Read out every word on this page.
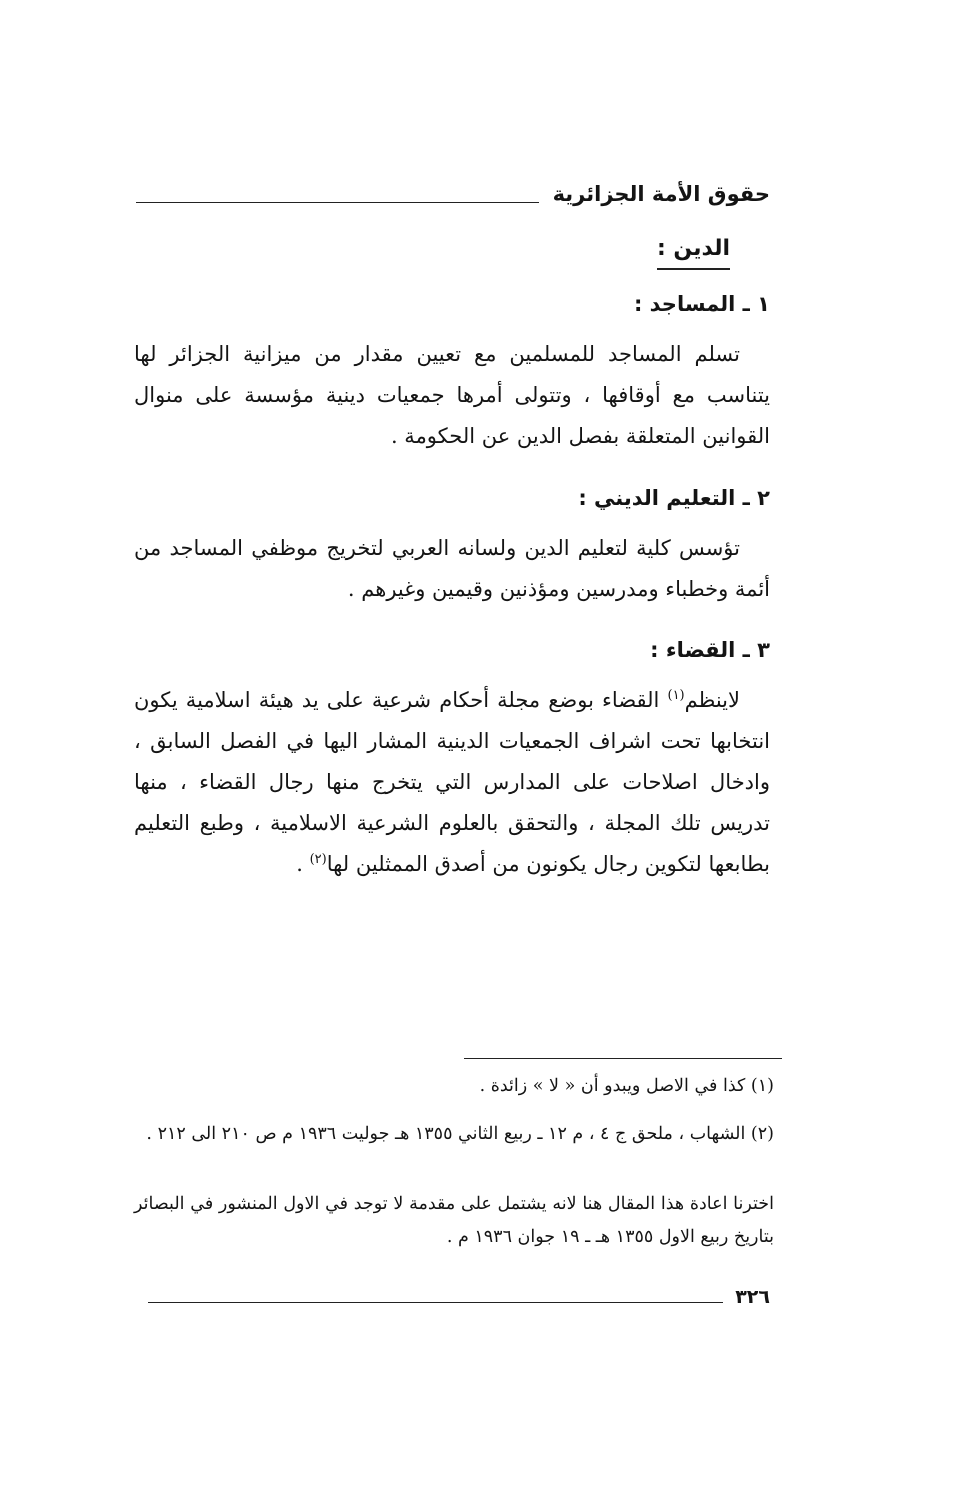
حقوق الأمة الجزائرية
الدين :
١ ـ المساجد :

تسلم المساجد للمسلمين مع تعيين مقدار من ميزانية الجزائر لها يتناسب مع أوقافها ، وتتولى أمرها جمعيات دينية مؤسسة على منوال القوانين المتعلقة بفصل الدين عن الحكومة .

٢ ـ التعليم الديني :

تؤسس كلية لتعليم الدين ولسانه العربي لتخريج موظفي المساجد من أئمة وخطباء ومدرسين ومؤذنين وقيمين وغيرهم .

٣ ـ القضاء :

لاينظم$^{(١)}$ القضاء بوضع مجلة أحكام شرعية على يد هيئة اسلامية يكون انتخابها تحت اشراف الجمعيات الدينية المشار اليها في الفصل السابق ، وادخال اصلاحات على المدارس التي يتخرج منها رجال القضاء ، منها تدريس تلك المجلة ، والتحقق بالعلوم الشرعية الاسلامية ، وطبع التعليم بطابعها لتكوين رجال يكونون من أصدق الممثلين لها$^{(٢)}$ .

(١) كذا في الاصل ويبدو أن « لا » زائدة .
(٢) الشهاب ، ملحق ج ٤ ، م ١٢ ـ ربيع الثاني ١٣٥٥ هـ جوليت ١٩٣٦ م ص ٢١٠ الى ٢١٢ .
اخترنا اعادة هذا المقال هنا لانه يشتمل على مقدمة لا توجد في الاول المنشور في البصائر بتاريخ ربيع الاول ١٣٥٥ هـ ـ ١٩ جوان ١٩٣٦ م .
٣٢٦
